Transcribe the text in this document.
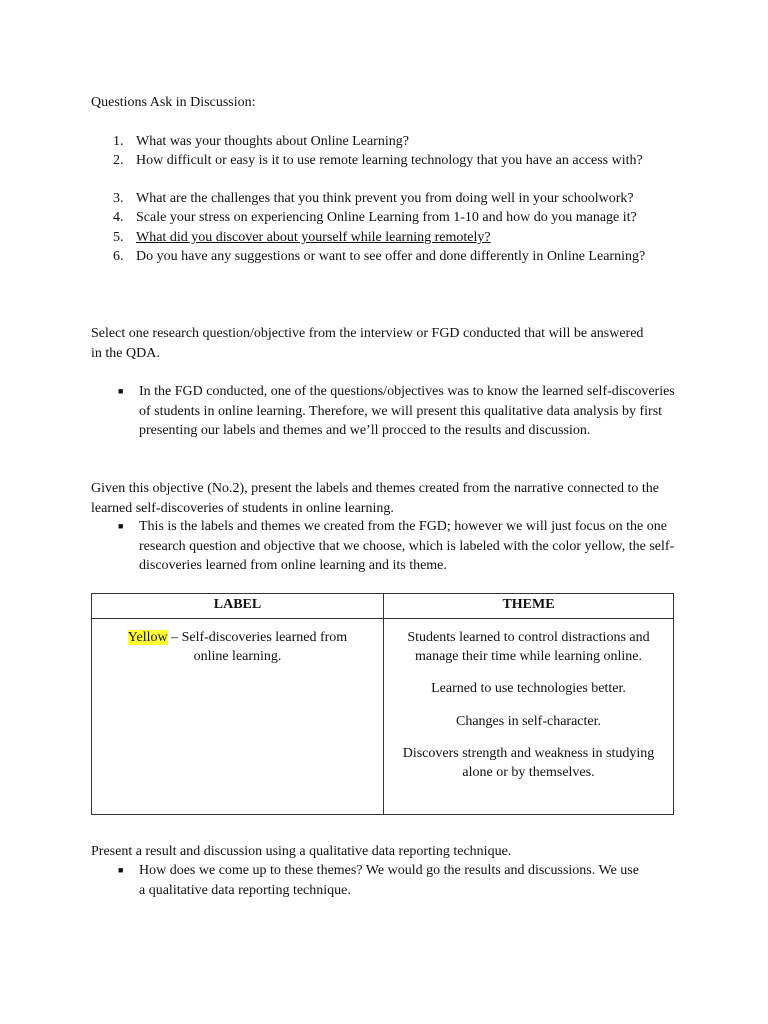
Questions Ask in Discussion:

1. What was your thoughts about Online Learning?
2. How difficult or easy is it to use remote learning technology that you have an access with?
3. What are the challenges that you think prevent you from doing well in your schoolwork?
4. Scale your stress on experiencing Online Learning from 1-10 and how do you manage it?
5. What did you discover about yourself while learning remotely?
6. Do you have any suggestions or want to see offer and done differently in Online Learning?

Select one research question/objective from the interview or FGD conducted that will be answered in the QDA.

■ In the FGD conducted, one of the questions/objectives was to know the learned self-discoveries of students in online learning. Therefore, we will present this qualitative data analysis by first presenting our labels and themes and we’ll procced to the results and discussion.

Given this objective (No.2), present the labels and themes created from the narrative connected to the learned self-discoveries of students in online learning.

■ This is the labels and themes we created from the FGD; however we will just focus on the one research question and objective that we choose, which is labeled with the color yellow, the self-discoveries learned from online learning and its theme.
LABEL	THEME
Yellow – Self-discoveries learned from online learning.	Students learned to control distractions and manage their time while learning online.

Learned to use technologies better.

Changes in self-character.

Discovers strength and weakness in studying alone or by themselves.

Present a result and discussion using a qualitative data reporting technique.

■ How does we come up to these themes? We would go the results and discussions. We use a qualitative data reporting technique.
